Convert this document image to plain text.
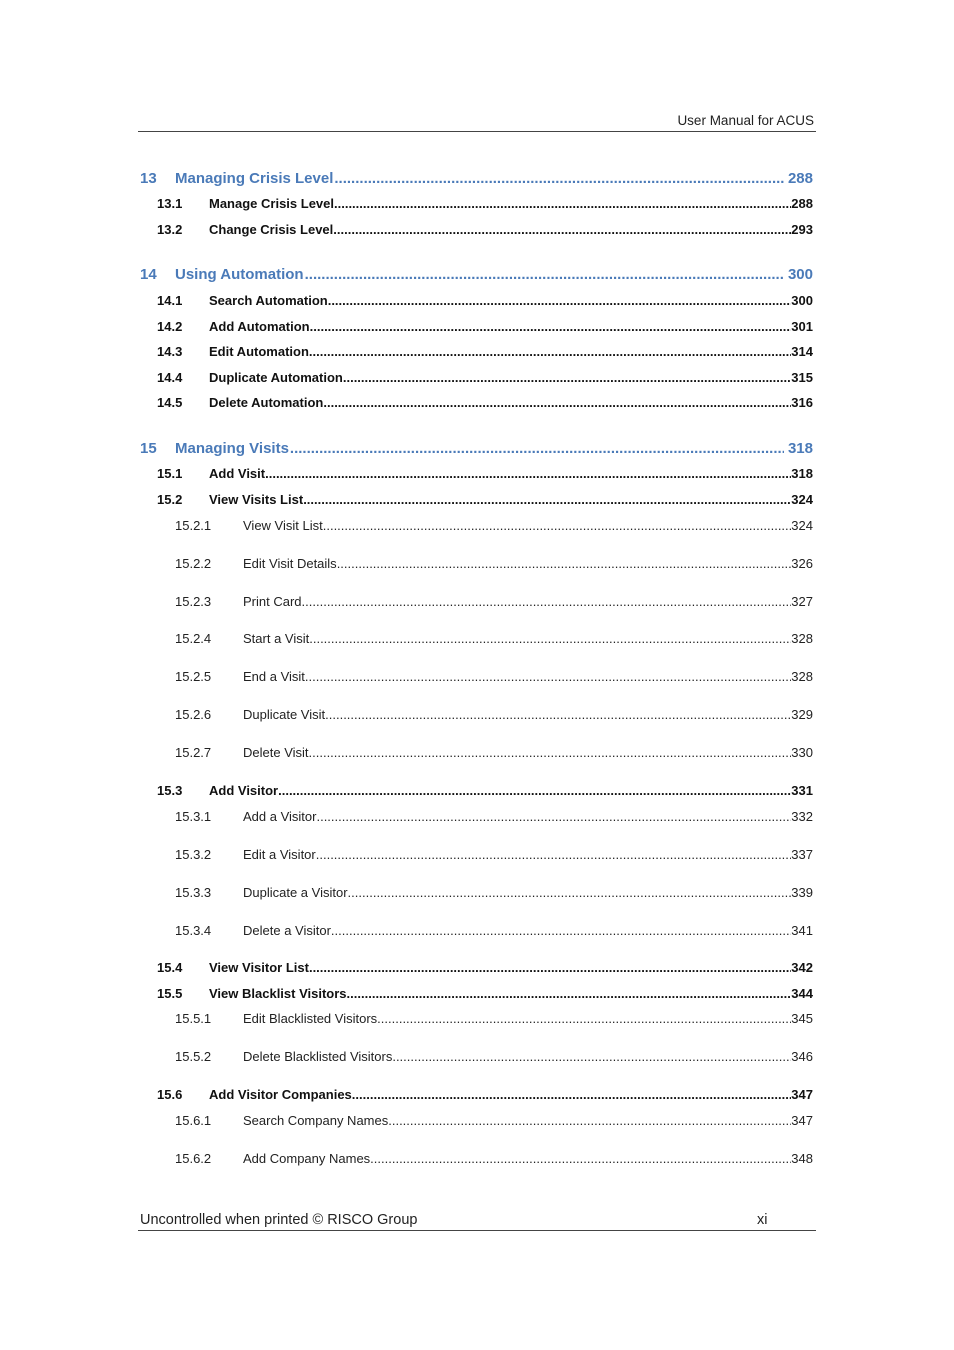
User Manual for ACUS
13	Managing Crisis Level .....	288
13.1	Manage Crisis Level .....	288
13.2	Change Crisis Level .....	293
14	Using Automation .....	300
14.1	Search Automation .....	300
14.2	Add Automation .....	301
14.3	Edit Automation .....	314
14.4	Duplicate Automation .....	315
14.5	Delete Automation .....	316
15	Managing Visits .....	318
15.1	Add Visit .....	318
15.2	View Visits List .....	324
15.2.1	View Visit List .....	324
15.2.2	Edit Visit Details .....	326
15.2.3	Print Card .....	327
15.2.4	Start a Visit .....	328
15.2.5	End a Visit .....	328
15.2.6	Duplicate Visit .....	329
15.2.7	Delete Visit .....	330
15.3	Add Visitor .....	331
15.3.1	Add a Visitor .....	332
15.3.2	Edit a Visitor .....	337
15.3.3	Duplicate a Visitor .....	339
15.3.4	Delete a Visitor .....	341
15.4	View Visitor List .....	342
15.5	View Blacklist Visitors .....	344
15.5.1	Edit Blacklisted Visitors .....	345
15.5.2	Delete Blacklisted Visitors .....	346
15.6	Add Visitor Companies .....	347
15.6.1	Search Company Names .....	347
15.6.2	Add Company Names .....	348
Uncontrolled when printed © RISCO Group	xi
